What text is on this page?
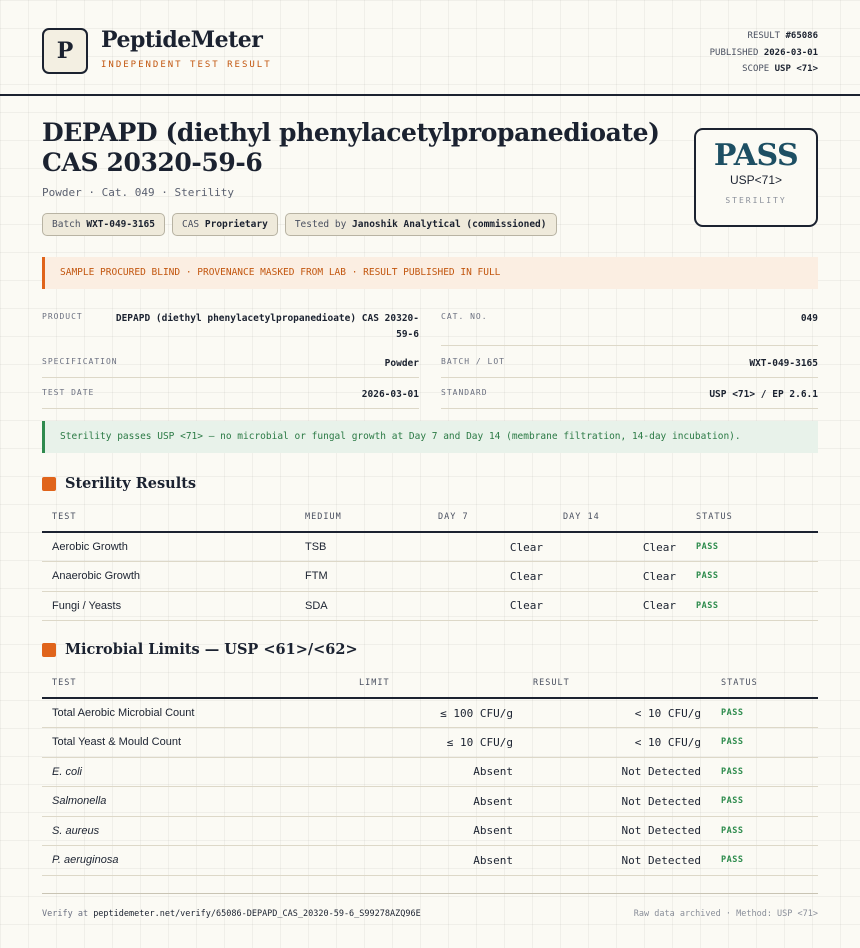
P	PeptideMeter
INDEPENDENT TEST RESULT
RESULT #65086
PUBLISHED 2026-03-01
SCOPE USP <71>
DEPAPD (diethyl phenylacetylpropanedioate) CAS 20320-59-6
Powder · Cat. 049 · Sterility
Batch WXT-049-3165	CAS Proprietary	Tested by Janoshik Analytical (commissioned)
PASS
USP<71>
STERILITY
SAMPLE PROCURED BLIND · PROVENANCE MASKED FROM LAB · RESULT PUBLISHED IN FULL
PRODUCT	DEPAPD (diethyl phenylacetylpropanedioate) CAS 20320-59-6
CAT. NO.	049
SPECIFICATION	Powder	BATCH / LOT	WXT-049-3165
TEST DATE	2026-03-01	STANDARD	USP <71> / EP 2.6.1
Sterility passes USP <71> — no microbial or fungal growth at Day 7 and Day 14 (membrane filtration, 14-day incubation).
Sterility Results
TEST	MEDIUM	DAY 7	DAY 14	STATUS
Aerobic Growth	TSB	Clear	Clear	PASS
Anaerobic Growth	FTM	Clear	Clear	PASS
Fungi / Yeasts	SDA	Clear	Clear	PASS
Microbial Limits — USP <61>/<62>
TEST	LIMIT	RESULT	STATUS
Total Aerobic Microbial Count	≤ 100 CFU/g	< 10 CFU/g	PASS
Total Yeast & Mould Count	≤ 10 CFU/g	< 10 CFU/g	PASS
E. coli	Absent	Not Detected	PASS
Salmonella	Absent	Not Detected	PASS
S. aureus	Absent	Not Detected	PASS
P. aeruginosa	Absent	Not Detected	PASS
Verify at peptidemeter.net/verify/65086-DEPAPD_CAS_20320-59-6_S99278AZQ96E	Raw data archived · Method: USP <71>
